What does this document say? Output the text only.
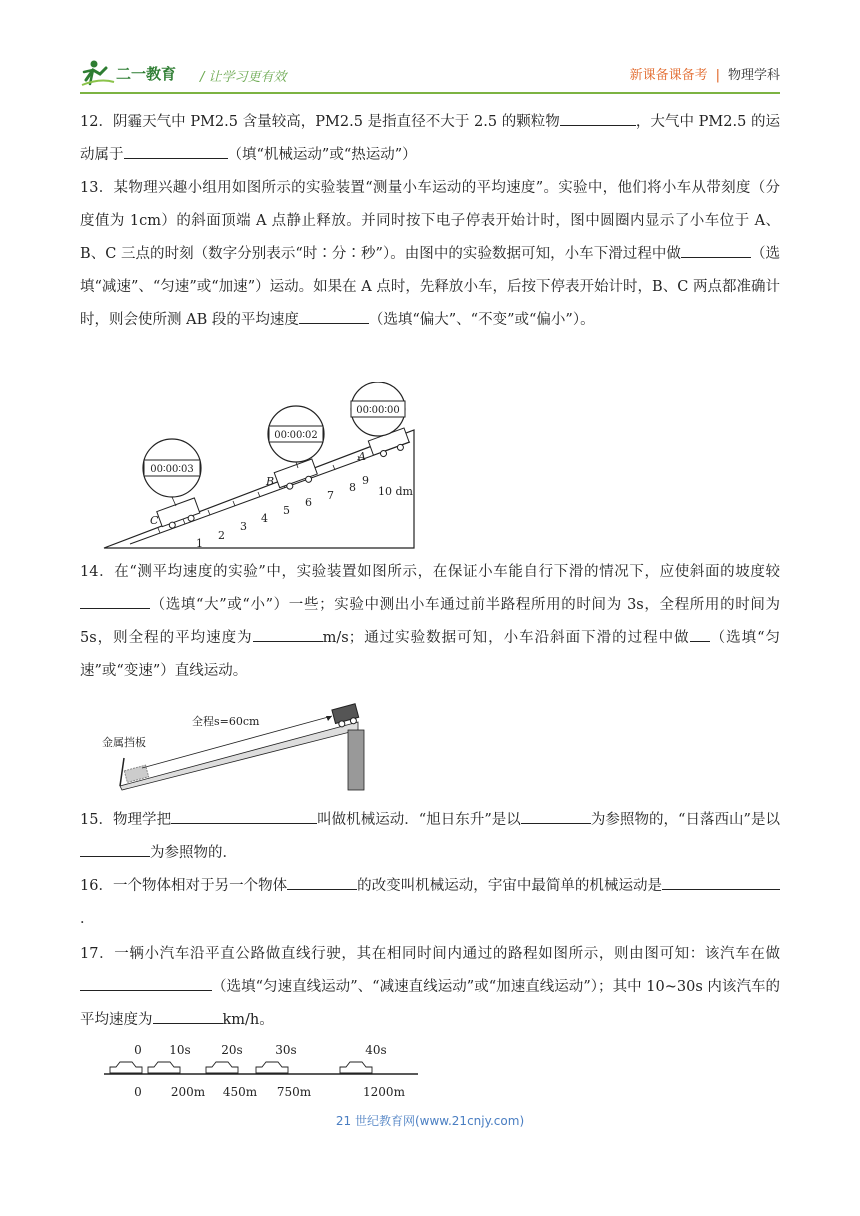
二一教育 / 让学习更有效	新课备课备考 | 物理学科
12．阴霾天气中 PM2.5 含量较高，PM2.5 是指直径不大于 2.5 的颗粒物	，大气中 PM2.5 的运动属于	（填“机械运动”或“热运动”）
13．某物理兴趣小组用如图所示的实验装置“测量小车运动的平均速度”。实验中，他们将小车从带刻度（分度值为 1cm）的斜面顶端 A 点静止释放。并同时按下电子停表开始计时，图中圆圈内显示了小车位于 A、B、C 三点的时刻（数字分别表示“时∶分∶秒”）。由图中的实验数据可知，小车下滑过程中做	（选填“减速”、“匀速”或“加速”）运动。如果在 A 点时，先释放小车，后按下停表开始计时，B、C 两点都准确计时，则会使所测 AB 段的平均速度	（选填“偏大”、“不变”或“偏小”）。
1
2
3
4
5
6
7
8
9
10 dm
C
B
A
00∶00∶03
00∶00∶02
00∶00∶00
14．在“测平均速度的实验”中，实验装置如图所示，在保证小车能自行下滑的情况下，应使斜面的坡度较（选填“大”或“小”）一些；实验中测出小车通过前半路程所用的时间为 3s，全程所用的时间为 5s，则全程的平均速度为	m/s；通过实验数据可知，小车沿斜面下滑的过程中做 （选填“匀速”或“变速”）直线运动。
全程s=60cm
金属挡板
15．物理学把	叫做机械运动．“旭日东升”是以	为参照物的，“日落西山”是以为参照物的．
16．一个物体相对于另一个物体	的改变叫机械运动，宇宙中最简单的机械运动是．
17．一辆小汽车沿平直公路做直线行驶，其在相同时间内通过的路程如图所示，则由图可知：该汽车在做（选填“匀速直线运动”、“减速直线运动”或“加速直线运动”）；其中 10~30s 内该汽车的平均速度为	km/h。
0 10s	20s	30s	40s
0 200m 450m 750m	1200m
21 世纪教育网(www.21cnjy.com)
